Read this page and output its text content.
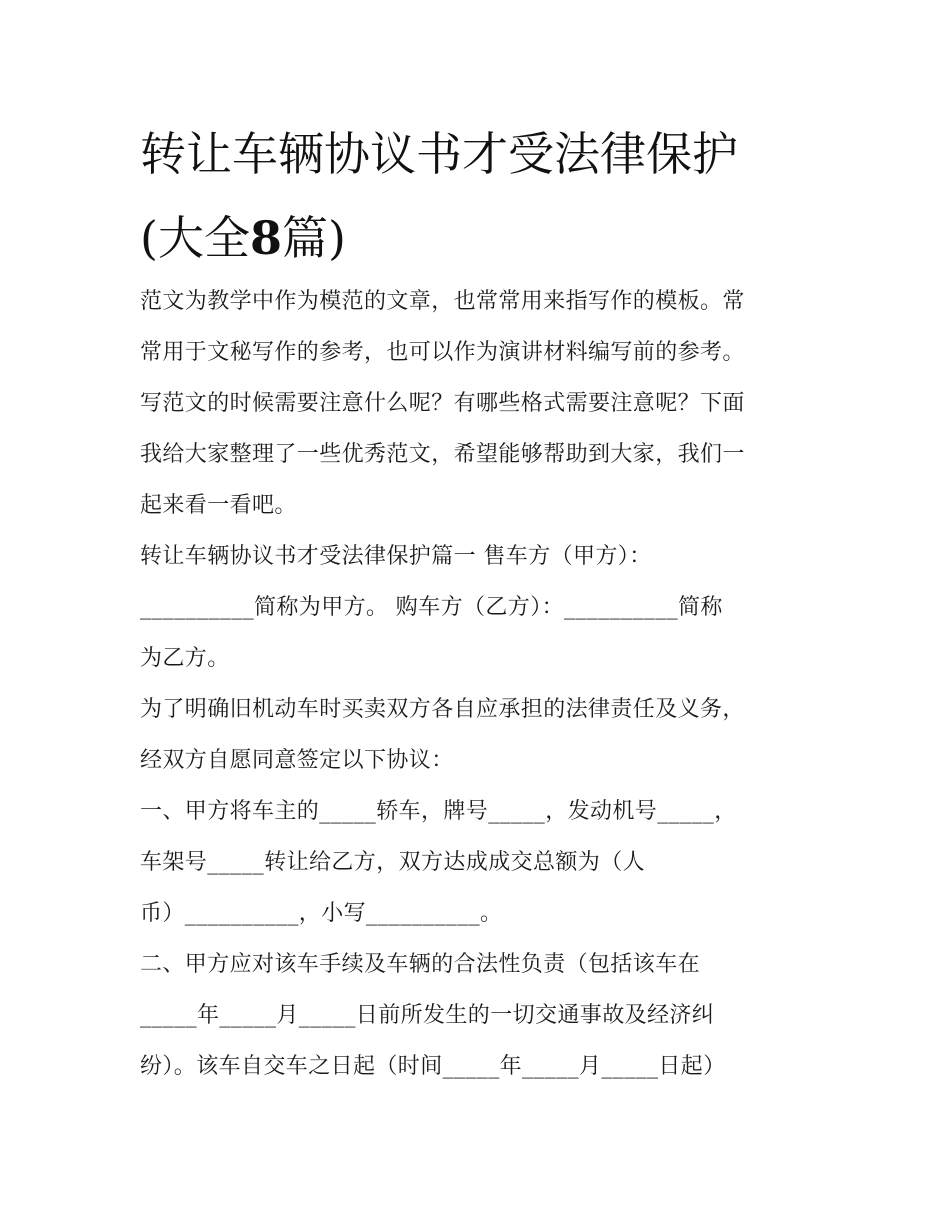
转让车辆协议书才受法律保护
(大全8篇)
范文为教学中作为模范的文章，也常常用来指写作的模板。常
常用于文秘写作的参考，也可以作为演讲材料编写前的参考。
写范文的时候需要注意什么呢？有哪些格式需要注意呢？下面
我给大家整理了一些优秀范文，希望能够帮助到大家，我们一
起来看一看吧。
转让车辆协议书才受法律保护篇一 售车方（甲方）：
__________简称为甲方。 购车方（乙方）：__________简称
为乙方。
为了明确旧机动车时买卖双方各自应承担的法律责任及义务，
经双方自愿同意签定以下协议：
一、甲方将车主的_____轿车，牌号_____，发动机号_____，
车架号_____转让给乙方，双方达成成交总额为（人
币）__________，小写__________。
二、甲方应对该车手续及车辆的合法性负责（包括该车在
_____年_____月_____日前所发生的一切交通事故及经济纠
纷）。该车自交车之日起（时间_____年_____月_____日起）
